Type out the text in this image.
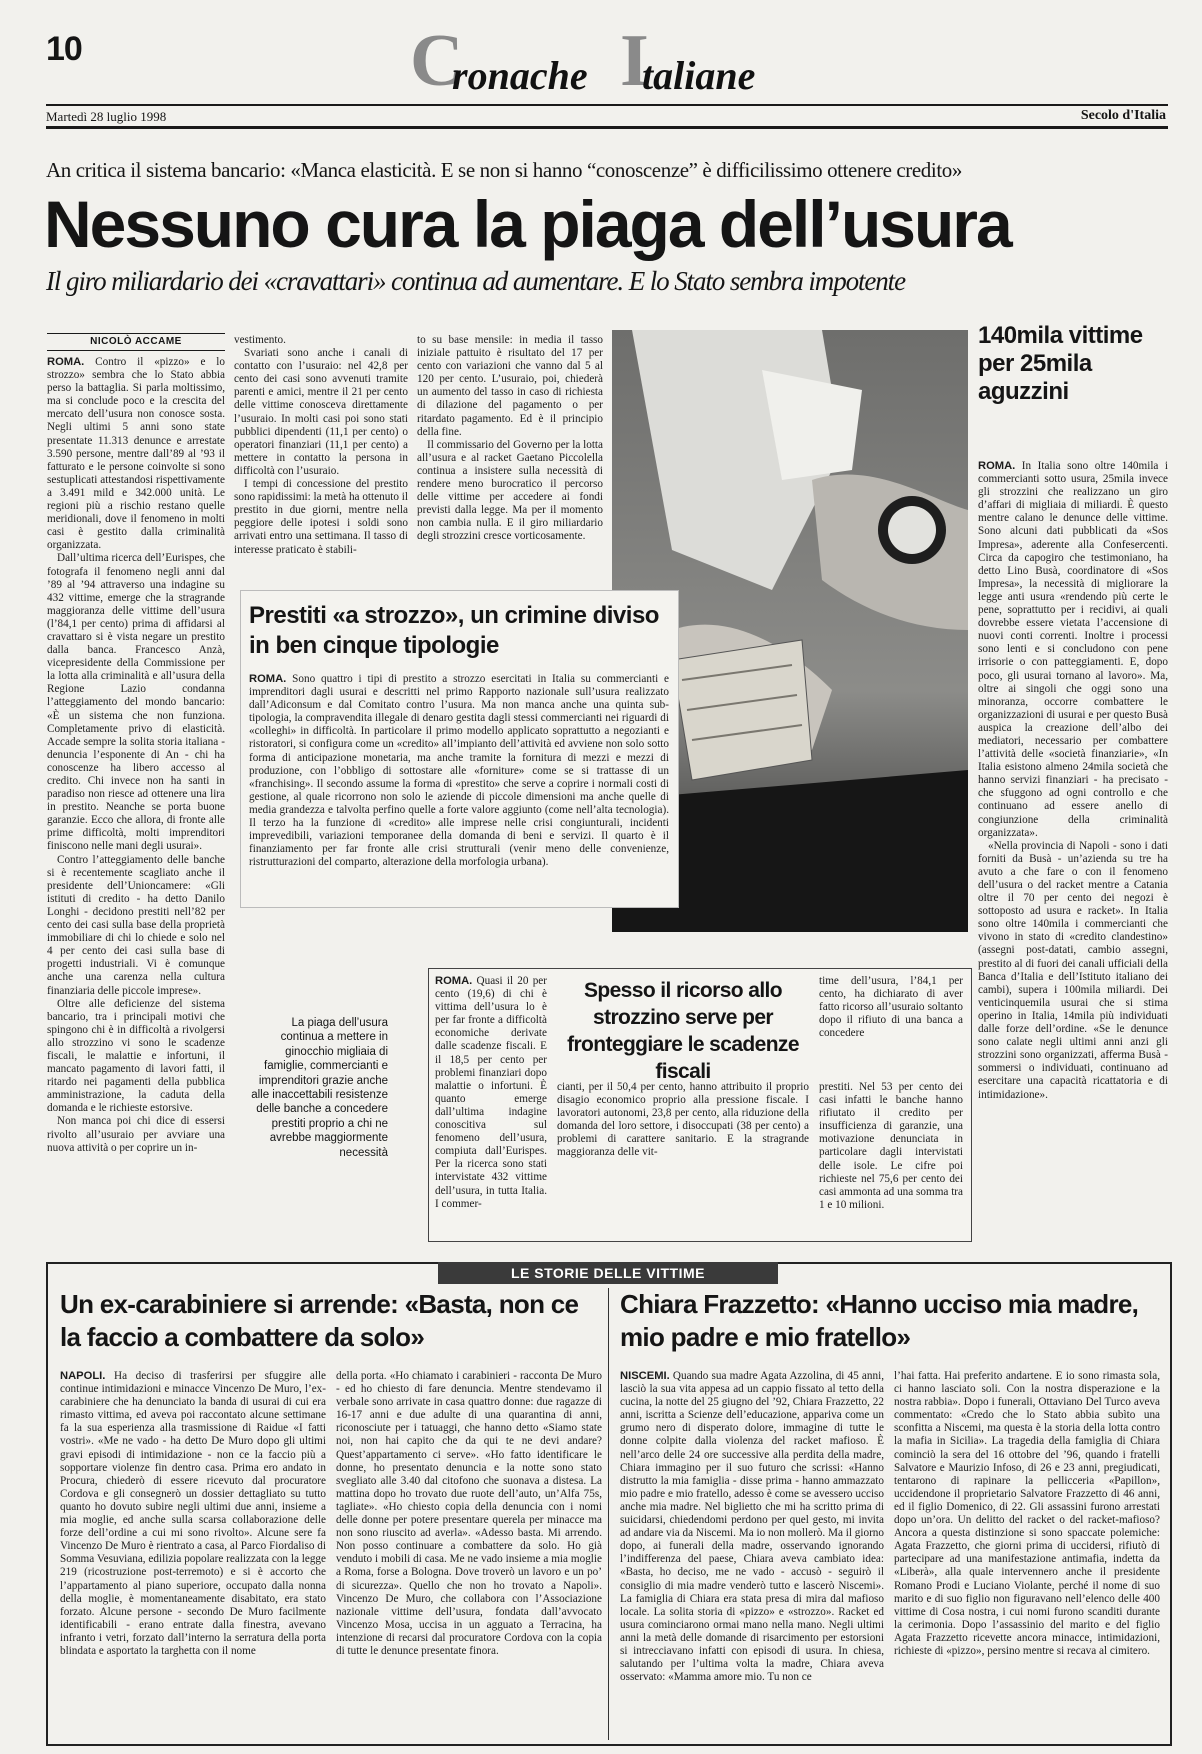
10	C
ronache I
taliane
Martedì 28 luglio 1998	Secolo d'Italia
An critica il sistema bancario: «Manca elasticità. E se non si hanno “conoscenze” è difficilissimo ottenere credito»
Nessuno cura la piaga dell’usura
Il giro miliardario dei «cravattari» continua ad aumentare. E lo Stato sembra impotente
NICOLÒ ACCAME

ROMA. Contro il «pizzo» e lo strozzo» sembra che lo Stato abbia perso la battaglia. Si parla moltissimo, ma si conclude poco e la crescita del mercato dell’usura non conosce sosta. Negli ultimi 5 anni sono state presentate 11.313 denunce e arrestate 3.590 persone, mentre dall’89 al ’93 il fatturato e le persone coinvolte si sono sestuplicati attestandosi rispettivamente a 3.491 mild e 342.000 unità. Le regioni più a rischio restano quelle meridionali, dove il fenomeno in molti casi è gestito dalla criminalità organizzata.

Dall’ultima ricerca dell’Eurispes, che fotografa il fenomeno negli anni dal ’89 al ’94 attraverso una indagine su 432 vittime, emerge che la stragrande maggioranza delle vittime dell’usura (l’84,1 per cento) prima di affidarsi al cravattaro si è vista negare un prestito dalla banca. Francesco Anzà, vicepresidente della Commissione per la lotta alla criminalità e all’usura della Regione Lazio condanna l’atteggiamento del mondo bancario: «È un sistema che non funziona. Completamente privo di elasticità. Accade sempre la solita storia italiana - denuncia l’esponente di An - chi ha conoscenze ha libero accesso al credito. Chi invece non ha santi in paradiso non riesce ad ottenere una lira in prestito. Neanche se porta buone garanzie. Ecco che allora, di fronte alle prime difficoltà, molti imprenditori finiscono nelle mani degli usurai».

Contro l’atteggiamento delle banche si è recentemente scagliato anche il presidente dell’Unioncamere: «Gli istituti di credito - ha detto Danilo Longhi - decidono prestiti nell’82 per cento dei casi sulla base della proprietà immobiliare di chi lo chiede e solo nel 4 per cento dei casi sulla base di progetti industriali. Vi è comunque anche una carenza nella cultura finanziaria delle piccole imprese».

Oltre alle deficienze del sistema bancario, tra i principali motivi che spingono chi è in difficoltà a rivolgersi allo strozzino vi sono le scadenze fiscali, le malattie e infortuni, il mancato pagamento di lavori fatti, il ritardo nei pagamenti della pubblica amministrazione, la caduta della domanda e le richieste estorsive.

Non manca poi chi dice di essersi rivolto all’usuraio per avviare una nuova attività o per coprire un in-

vestimento.

Svariati sono anche i canali di contatto con l’usuraio: nel 42,8 per cento dei casi sono avvenuti tramite parenti e amici, mentre il 21 per cento delle vittime conosceva direttamente l’usuraio. In molti casi poi sono stati pubblici dipendenti (11,1 per cento) o operatori finanziari (11,1 per cento) a mettere in contatto la persona in difficoltà con l’usuraio.

I tempi di concessione del prestito sono rapidissimi: la metà ha ottenuto il prestito in due giorni, mentre nella peggiore delle ipotesi i soldi sono arrivati entro una settimana. Il tasso di interesse praticato è stabili-

to su base mensile: in media il tasso iniziale pattuito è risultato del 17 per cento con variazioni che vanno dal 5 al 120 per cento. L’usuraio, poi, chiederà un aumento del tasso in caso di richiesta di dilazione del pagamento o per ritardato pagamento. Ed è il principio della fine.

Il commissario del Governo per la lotta all’usura e al racket Gaetano Piccolella continua a insistere sulla necessità di rendere meno burocratico il percorso delle vittime per accedere ai fondi previsti dalla legge. Ma per il momento non cambia nulla. E il giro miliardario degli strozzini cresce vorticosamente.

Prestiti «a strozzo», un crimine diviso in ben cinque tipologie

ROMA. Sono quattro i tipi di prestito a strozzo esercitati in Italia su commercianti e imprenditori dagli usurai e descritti nel primo Rapporto nazionale sull’usura realizzato dall’Adiconsum e dal Comitato contro l’usura. Ma non manca anche una quinta sub-tipologia, la compravendita illegale di denaro gestita dagli stessi commercianti nei riguardi di «colleghi» in difficoltà. In particolare il primo modello applicato soprattutto a negozianti e ristoratori, si configura come un «credito» all’impianto dell’attività ed avviene non solo sotto forma di anticipazione monetaria, ma anche tramite la fornitura di mezzi e mezzi di produzione, con l’obbligo di sottostare alle «forniture» come se si trattasse di un «franchising». Il secondo assume la forma di «prestito» che serve a coprire i normali costi di gestione, al quale ricorrono non solo le aziende di piccole dimensioni ma anche quelle di media grandezza e talvolta perfino quelle a forte valore aggiunto (come nell’alta tecnologia). Il terzo ha la funzione di «credito» alle imprese nelle crisi congiunturali, incidenti imprevedibili, variazioni temporanee della domanda di beni e servizi. Il quarto è il finanziamento per far fronte alle crisi strutturali (venir meno delle convenienze, ristrutturazioni del comparto, alterazione della morfologia urbana).

140mila vittime per 25mila aguzzini

ROMA. In Italia sono oltre 140mila i commercianti sotto usura, 25mila invece gli strozzini che realizzano un giro d’affari di migliaia di miliardi. È questo mentre calano le denunce delle vittime. Sono alcuni dati pubblicati da «Sos Impresa», aderente alla Confesercenti. Circa da capogiro che testimoniano, ha detto Lino Busà, coordinatore di «Sos Impresa», la necessità di migliorare la legge anti usura «rendendo più certe le pene, soprattutto per i recidivi, ai quali dovrebbe essere vietata l’accensione di nuovi conti correnti. Inoltre i processi sono lenti e si concludono con pene irrisorie o con patteggiamenti. E, dopo poco, gli usurai tornano al lavoro». Ma, oltre ai singoli che oggi sono una minoranza, occorre combattere le organizzazioni di usurai e per questo Busà auspica la creazione dell’albo dei mediatori, necessario per combattere l’attività delle «società finanziarie», «In Italia esistono almeno 24mila società che hanno servizi finanziari - ha precisato - che sfuggono ad ogni controllo e che continuano ad essere anello di congiunzione della criminalità organizzata».

«Nella provincia di Napoli - sono i dati forniti da Busà - un’azienda su tre ha avuto a che fare o con il fenomeno dell’usura o del racket mentre a Catania oltre il 70 per cento dei negozi è sottoposto ad usura e racket». In Italia sono oltre 140mila i commercianti che vivono in stato di «credito clandestino» (assegni post-datati, cambio assegni, prestito al di fuori dei canali ufficiali della Banca d’Italia e dell’Istituto italiano dei cambi), supera i 100mila miliardi. Dei venticinquemila usurai che si stima operino in Italia, 14mila più individuati dalle forze dell’ordine. «Se le denunce sono calate negli ultimi anni anzi gli strozzini sono organizzati, afferma Busà - sommersi o individuati, continuano ad esercitare una capacità ricattatoria e di intimidazione».

La piaga dell’usura continua a mettere in ginocchio migliaia di famiglie, commercianti e imprenditori grazie anche alle inaccettabili resistenze delle banche a concedere prestiti proprio a chi ne avrebbe maggiormente necessità

ROMA. Quasi il 20 per cento (19,6) di chi è vittima dell’usura lo è per far fronte a difficoltà economiche derivate dalle scadenze fiscali. E il 18,5 per cento per problemi finanziari dopo malattie o infortuni. È quanto emerge dall’ultima indagine conoscitiva sul fenomeno dell’usura, compiuta dall’Eurispes. Per la ricerca sono stati intervistate 432 vittime dell’usura, in tutta Italia. I commer-

Spesso il ricorso allo strozzino serve per fronteggiare le scadenze fiscali

cianti, per il 50,4 per cento, hanno attribuito il proprio disagio economico proprio alla pressione fiscale. I lavoratori autonomi, 23,8 per cento, alla riduzione della domanda del loro settore, i disoccupati (38 per cento) a problemi di carattere sanitario. E la stragrande maggioranza delle vit-

time dell’usura, l’84,1 per cento, ha dichiarato di aver fatto ricorso all’usuraio soltanto dopo il rifiuto di una banca a concedere

prestiti. Nel 53 per cento dei casi infatti le banche hanno rifiutato il credito per insufficienza di garanzie, una motivazione denunciata in particolare dagli intervistati delle isole. Le cifre poi richieste nel 75,6 per cento dei casi ammonta ad una somma tra 1 e 10 milioni.

LE STORIE DELLE VITTIME
Un ex-carabiniere si arrende: «Basta, non ce la faccio a combattere da solo»

NAPOLI. Ha deciso di trasferirsi per sfuggire alle continue intimidazioni e minacce Vincenzo De Muro, l’ex-carabiniere che ha denunciato la banda di usurai di cui era rimasto vittima, ed aveva poi raccontato alcune settimane fa la sua esperienza alla trasmissione di Raidue «I fatti vostri». «Me ne vado - ha detto De Muro dopo gli ultimi gravi episodi di intimidazione - non ce la faccio più a sopportare violenze fin dentro casa. Prima ero andato in Procura, chiederò di essere ricevuto dal procuratore Cordova e gli consegnerò un dossier dettagliato su tutto quanto ho dovuto subire negli ultimi due anni, insieme a mia moglie, ed anche sulla scarsa collaborazione delle forze dell’ordine a cui mi sono rivolto». Alcune sere fa Vincenzo De Muro è rientrato a casa, al Parco Fiordaliso di Somma Vesuviana, edilizia popolare realizzata con la legge 219 (ricostruzione post-terremoto) e si è accorto che l’appartamento al piano superiore, occupato dalla nonna della moglie, è momentaneamente disabitato, era stato forzato. Alcune persone - secondo De Muro facilmente identificabili - erano entrate dalla finestra, avevano infranto i vetri, forzato dall’interno la serratura della porta blindata e asportato la targhetta con il nome

della porta. «Ho chiamato i carabinieri - racconta De Muro - ed ho chiesto di fare denuncia. Mentre stendevamo il verbale sono arrivate in casa quattro donne: due ragazze di 16-17 anni e due adulte di una quarantina di anni, riconosciute per i tatuaggi, che hanno detto «Siamo state noi, non hai capito che da qui te ne devi andare? Quest’appartamento ci serve». «Ho fatto identificare le donne, ho presentato denuncia e la notte sono stato svegliato alle 3.40 dal citofono che suonava a distesa. La mattina dopo ho trovato due ruote dell’auto, un’Alfa 75s, tagliate». «Ho chiesto copia della denuncia con i nomi delle donne per potere presentare querela per minacce ma non sono riuscito ad averla». «Adesso basta. Mi arrendo. Non posso continuare a combattere da solo. Ho già venduto i mobili di casa. Me ne vado insieme a mia moglie a Roma, forse a Bologna. Dove troverò un lavoro e un po’ di sicurezza». Quello che non ho trovato a Napoli». Vincenzo De Muro, che collabora con l’Associazione nazionale vittime dell’usura, fondata dall’avvocato Vincenzo Mosa, uccisa in un agguato a Terracina, ha intenzione di recarsi dal procuratore Cordova con la copia di tutte le denunce presentate finora.

Chiara Frazzetto: «Hanno ucciso mia madre, mio padre e mio fratello»

NISCEMI. Quando sua madre Agata Azzolina, di 45 anni, lasciò la sua vita appesa ad un cappio fissato al tetto della cucina, la notte del 25 giugno del ’92, Chiara Frazzetto, 22 anni, iscritta a Scienze dell’educazione, appariva come un grumo nero di disperato dolore, immagine di tutte le donne colpite dalla violenza del racket mafioso. È nell’arco delle 24 ore successive alla perdita della madre, Chiara immagino per il suo futuro che scrissi: «Hanno distrutto la mia famiglia - disse prima - hanno ammazzato mio padre e mio fratello, adesso è come se avessero ucciso anche mia madre. Nel biglietto che mi ha scritto prima di suicidarsi, chiedendomi perdono per quel gesto, mi invita ad andare via da Niscemi. Ma io non mollerò. Ma il giorno dopo, ai funerali della madre, osservando ignorando l’indifferenza del paese, Chiara aveva cambiato idea: «Basta, ho deciso, me ne vado - accusò - seguirò il consiglio di mia madre venderò tutto e lascerò Niscemi». La famiglia di Chiara era stata presa di mira dal mafioso locale. La solita storia di «pizzo» e «strozzo». Racket ed usura cominciarono ormai mano nella mano. Negli ultimi anni la metà delle domande di risarcimento per estorsioni si intrecciavano infatti con episodi di usura. In chiesa, salutando per l’ultima volta la madre, Chiara aveva osservato: «Mamma amore mio. Tu non ce

l’hai fatta. Hai preferito andartene. E io sono rimasta sola, ci hanno lasciato soli. Con la nostra disperazione e la nostra rabbia». Dopo i funerali, Ottaviano Del Turco aveva commentato: «Credo che lo Stato abbia subìto una sconfitta a Niscemi, ma questa è la storia della lotta contro la mafia in Sicilia». La tragedia della famiglia di Chiara cominciò la sera del 16 ottobre del ’96, quando i fratelli Salvatore e Maurizio Infoso, di 26 e 23 anni, pregiudicati, tentarono di rapinare la pellicceria «Papillon», uccidendone il proprietario Salvatore Frazzetto di 46 anni, ed il figlio Domenico, di 22. Gli assassini furono arrestati dopo un’ora. Un delitto del racket o del racket-mafioso? Ancora a questa distinzione si sono spaccate polemiche: Agata Frazzetto, che giorni prima di uccidersi, rifiutò di partecipare ad una manifestazione antimafia, indetta da «Liberà», alla quale intervennero anche il presidente Romano Prodi e Luciano Violante, perché il nome di suo marito e di suo figlio non figuravano nell’elenco delle 400 vittime di Cosa nostra, i cui nomi furono scanditi durante la cerimonia. Dopo l’assassinio del marito e del figlio Agata Frazzetto ricevette ancora minacce, intimidazioni, richieste di «pizzo», persino mentre si recava al cimitero.
